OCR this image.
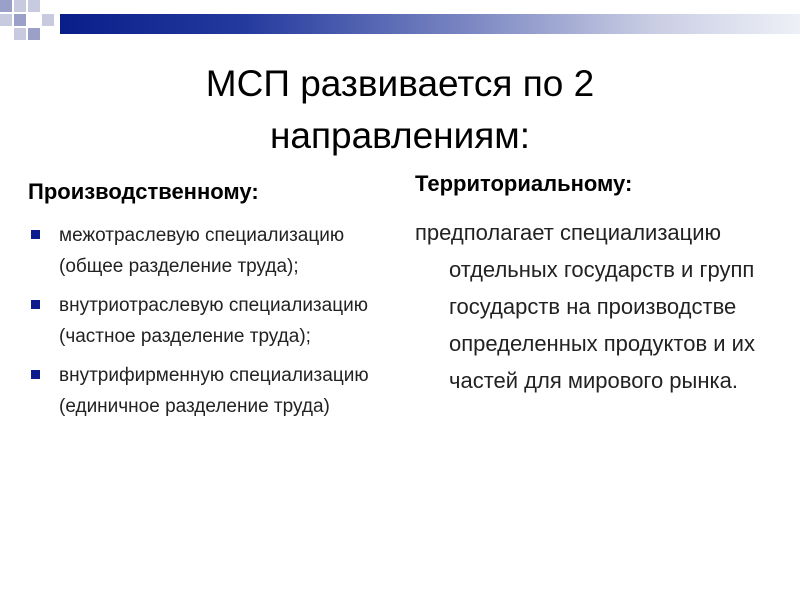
МСП развивается по 2
направлениям:

Производственному:

межотраслевую специализацию (общее разделение труда);
внутриотраслевую специализацию (частное разделение труда);
внутрифирменную специализацию (единичное разделение труда)

Территориальному:

предполагает специализацию отдельных государств и групп государств на производстве определенных продуктов и их частей для мирового рынка.
